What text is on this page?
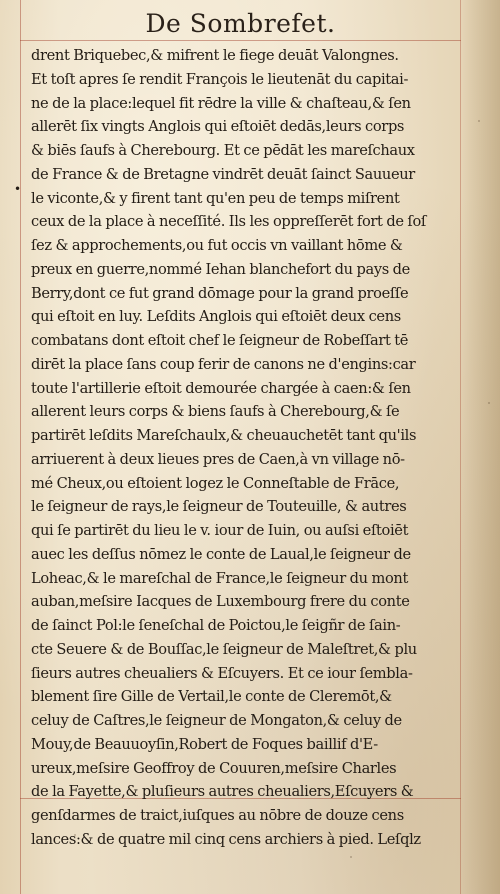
De Sombrefet.
•
drent Briquebec,& mifrent le fiege deuāt Valongnes.
Et toſt apres ſe rendit François le lieutenāt du capitai-
ne de la place:lequel fit rēdre la ville & chaſteau,& ſen
allerēt ſix vingts Anglois qui eſtoiēt dedās,leurs corps
& biēs ſaufs à Cherebourg. Et ce pēdāt les mareſchaux
de France & de Bretagne vindrēt deuāt ſainct Sauueur
le viconte,& y firent tant qu'en peu de temps miſrent
ceux de la place à neceſſité. Ils les oppreſſerēt fort de ſoſ
ſez & approchements,ou fut occis vn vaillant hōme &
preux en guerre,nommé Iehan blanchefort du pays de
Berry,dont ce fut grand dōmage pour la grand proeſſe
qui eſtoit en luy. Leſdits Anglois qui eſtoiēt deux cens
combatans dont eſtoit chef le ſeigneur de Robeſſart tē
dirēt la place ſans coup ferir de canons ne d'engins:car
toute l'artillerie eſtoit demourée chargée à caen:& ſen
allerent leurs corps & biens ſaufs à Cherebourg,& ſe
partirēt leſdits Mareſchaulx,& cheuauchetēt tant qu'ils
arriuerent à deux lieues pres de Caen,à vn village nō-
mé Cheux,ou eſtoient logez le Conneſtable de Frāce,
le ſeigneur de rays,le ſeigneur de Touteuille, & autres
qui ſe partirēt du lieu le v. iour de Iuin, ou auſsi eſtoiēt
auec les deſſus nōmez le conte de Laual,le ſeigneur de
Loheac,& le mareſchal de France,le ſeigneur du mont
auban,meſsire Iacques de Luxembourg frere du conte
de ſainct Pol:le ſeneſchal de Poictou,le ſeigñr de ſain-
cte Seuere & de Bouſſac,le ſeigneur de Maleſtret,& plu
ſieurs autres cheualiers & Eſcuyers. Et ce iour ſembla-
blement ſire Gille de Vertail,le conte de Cleremōt,&
celuy de Caſtres,le ſeigneur de Mongaton,& celuy de
Mouy,de Beauuoyſin,Robert de Foques baillif d'E-
ureux,meſsire Geoffroy de Couuren,meſsire Charles
de la Fayette,& pluſieurs autres cheualiers,Eſcuyers &
genſdarmes de traict,iuſques au nōbre de douze cens
lances:& de quatre mil cinq cens archiers à pied. Leſqlz
